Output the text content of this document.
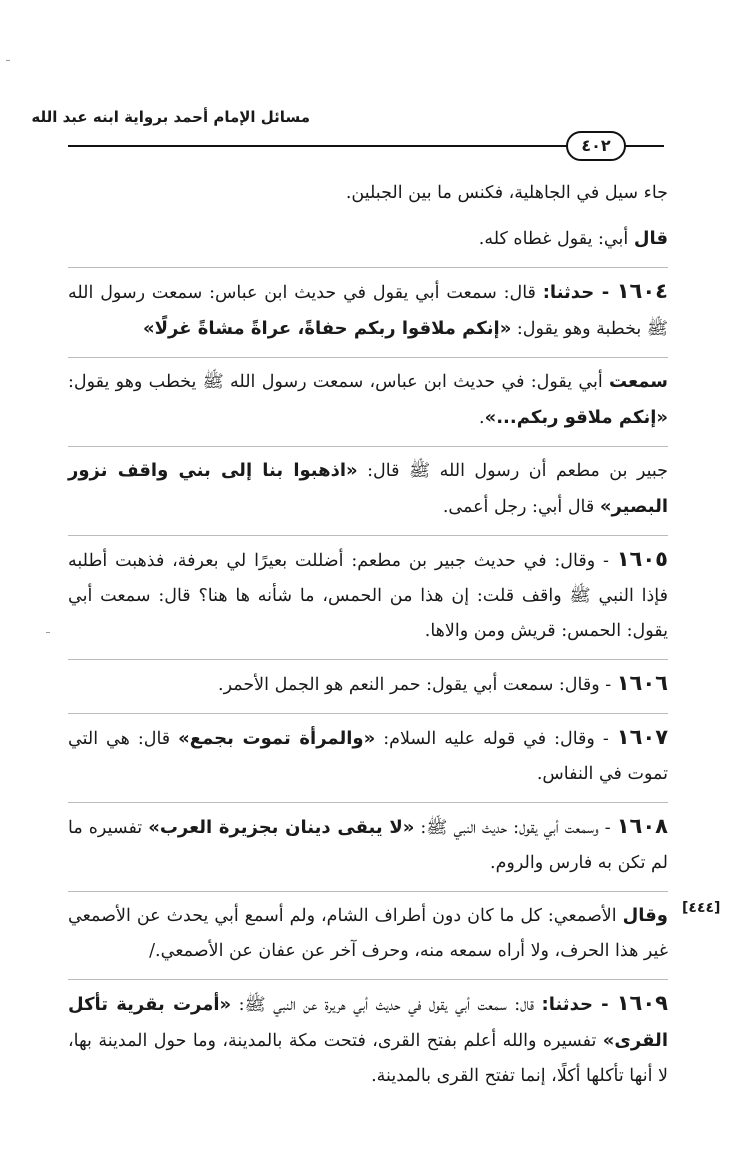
مسائل الإمام أحمد برواية ابنه عبد الله
٤٠٢
[٤٤٤]

جاء سيل في الجاهلية، فكنس ما بين الجبلين.

قال أبي: يقول غطاه كله.

١٦٠٤ - حدثنا: قال: سمعت أبي يقول في حديث ابن عباس: سمعت رسول الله ﷺ بخطبة وهو يقول: «إنكم ملاقوا ربكم حفاةً، عراةً مشاةً غرلًا»

سمعت أبي يقول: في حديث ابن عباس، سمعت رسول الله ﷺ يخطب وهو يقول: «إنكم ملاقو ربكم...».

جبير بن مطعم أن رسول الله ﷺ قال: «اذهبوا بنا إلى بني واقف نزور البصير» قال أبي: رجل أعمى.

١٦٠٥ - وقال: في حديث جبير بن مطعم: أضللت بعيرًا لي بعرفة، فذهبت أطلبه فإذا النبي ﷺ واقف قلت: إن هذا من الحمس، ما شأنه ها هنا؟ قال: سمعت أبي يقول: الحمس: قريش ومن والاها.

١٦٠٦ - وقال: سمعت أبي يقول: حمر النعم هو الجمل الأحمر.

١٦٠٧ - وقال: في قوله عليه السلام: «والمرأة تموت بجمع» قال: هي التي تموت في النفاس.

١٦٠٨ - وسمعت أبي يقول: حديث النبي ﷺ: «لا يبقى دينان بجزيرة العرب» تفسيره ما لم تكن به فارس والروم.

وقال الأصمعي: كل ما كان دون أطراف الشام، ولم أسمع أبي يحدث عن الأصمعي غير هذا الحرف، ولا أراه سمعه منه، وحرف آخر عن عفان عن الأصمعي./

١٦٠٩ - حدثنا: قال: سمعت أبي يقول في حديث أبي هريرة عن النبي ﷺ: «أمرت بقرية تأكل القرى» تفسيره والله أعلم بفتح القرى، فتحت مكة بالمدينة، وما حول المدينة بها، لا أنها تأكلها أكلًا، إنما تفتح القرى بالمدينة.
